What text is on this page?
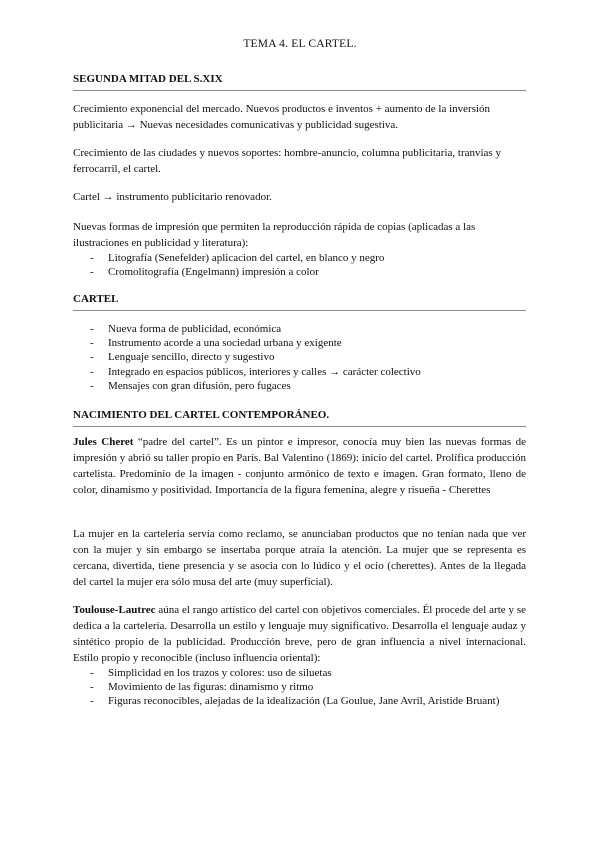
TEMA 4. EL CARTEL.

SEGUNDA MITAD DEL S.XIX

Crecimiento exponencial del mercado. Nuevos productos e inventos + aumento de la inversión publicitaria → Nuevas necesidades comunicativas y publicidad sugestiva.

Crecimiento de las ciudades y nuevos soportes: hombre-anuncio, columna publicitaria, tranvías y ferrocarril, el cartel.

Cartel → instrumento publicitario renovador.

Nuevas formas de impresión que permiten la reproducción rápida de copias (aplicadas a las ilustraciones en publicidad y literatura):

- Litografía (Senefelder) aplicacion del cartel, en blanco y negro
- Cromolitografía (Engelmann) impresión a color

CARTEL

- Nueva forma de publicidad, económica
- Instrumento acorde a una sociedad urbana y exigente
- Lenguaje sencillo, directo y sugestivo
- Integrado en espacios públicos, interiores y calles → carácter colectivo
- Mensajes con gran difusión, pero fugaces

NACIMIENTO DEL CARTEL CONTEMPORÁNEO.

Jules Cheret “padre del cartel”. Es un pintor e impresor, conocía muy bien las nuevas formas de impresión y abrió su taller propio en París. Bal Valentino (1869): inicio del cartel. Prolífica producción cartelista. Predominio de la imagen - conjunto armónico de texto e imagen. Gran formato, lleno de color, dinamismo y positividad. Importancia de la figura femenina, alegre y risueña - Cherettes

La mujer en la cartelería servía como reclamo, se anunciaban productos que no tenían nada que ver con la mujer y sin embargo se insertaba porque atraía la atención. La mujer que se representa es cercana, divertida, tiene presencia y se asocia con lo lúdico y el ocio (cherettes). Antes de la llegada del cartel la mujer era sólo musa del arte (muy superficial).

Toulouse-Lautrec aúna el rango artístico del cartel con objetivos comerciales. Él procede del arte y se dedica a la cartelería. Desarrolla un estilo y lenguaje muy significativo. Desarrolla el lenguaje audaz y sintético propio de la publicidad. Producción breve, pero de gran influencia a nivel internacional. Estilo propio y reconocible (incluso influencia oriental):

- Simplicidad en los trazos y colores: uso de siluetas
- Movimiento de las figuras: dinamismo y ritmo
- Figuras reconocibles, alejadas de la idealización (La Goulue, Jane Avril, Aristide Bruant)
